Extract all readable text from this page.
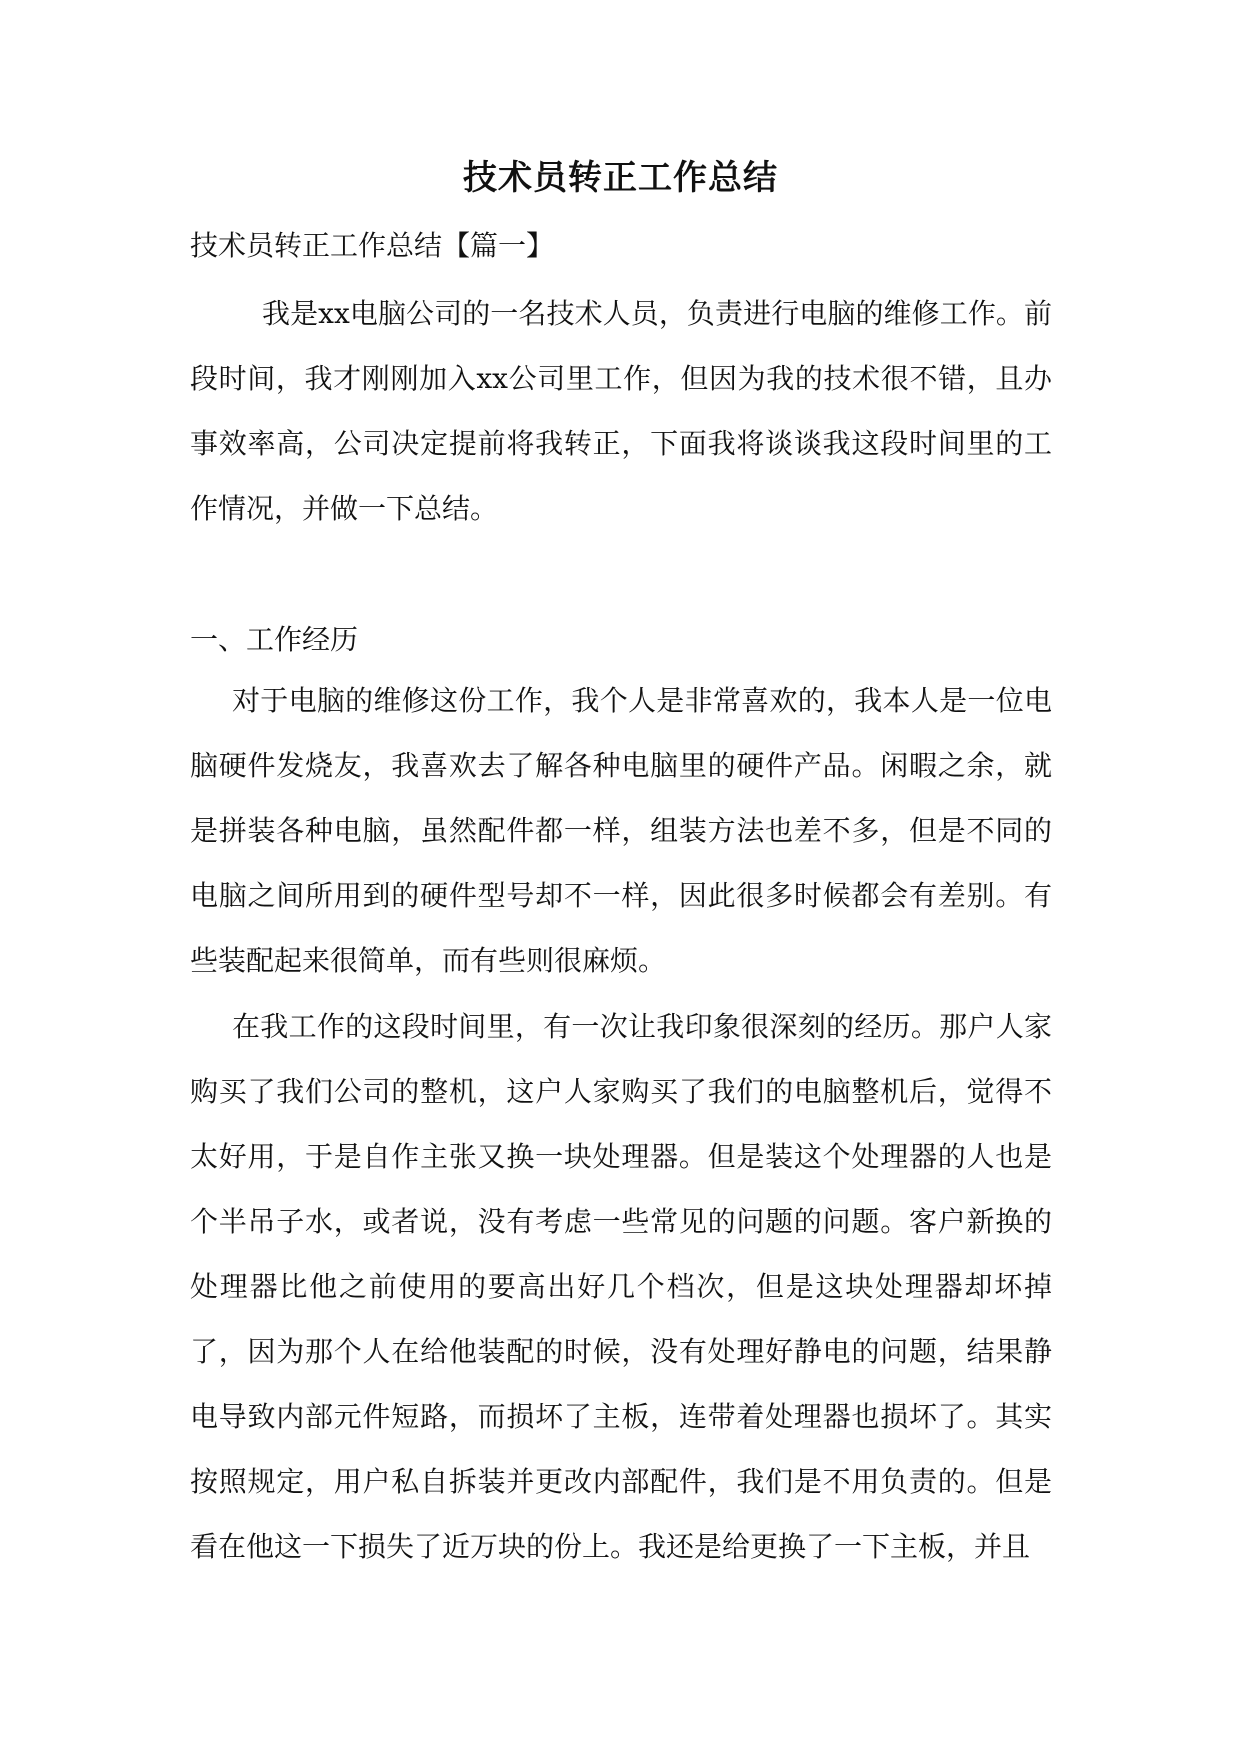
技术员转正工作总结
技术员转正工作总结【篇一】

我是xx电脑公司的一名技术人员，负责进行电脑的维修工作。前段时间，我才刚刚加入xx公司里工作，但因为我的技术很不错，且办事效率高，公司决定提前将我转正，下面我将谈谈我这段时间里的工作情况，并做一下总结。

一、工作经历

对于电脑的维修这份工作，我个人是非常喜欢的，我本人是一位电脑硬件发烧友，我喜欢去了解各种电脑里的硬件产品。闲暇之余，就是拼装各种电脑，虽然配件都一样，组装方法也差不多，但是不同的电脑之间所用到的硬件型号却不一样，因此很多时候都会有差别。有些装配起来很简单，而有些则很麻烦。

在我工作的这段时间里，有一次让我印象很深刻的经历。那户人家购买了我们公司的整机，这户人家购买了我们的电脑整机后，觉得不太好用，于是自作主张又换一块处理器。但是装这个处理器的人也是个半吊子水，或者说，没有考虑一些常见的问题的问题。客户新换的处理器比他之前使用的要高出好几个档次，但是这块处理器却坏掉了，因为那个人在给他装配的时候，没有处理好静电的问题，结果静电导致内部元件短路，而损坏了主板，连带着处理器也损坏了。其实按照规定，用户私自拆装并更改内部配件，我们是不用负责的。但是看在他这一下损失了近万块的份上。我还是给更换了一下主板，并且
